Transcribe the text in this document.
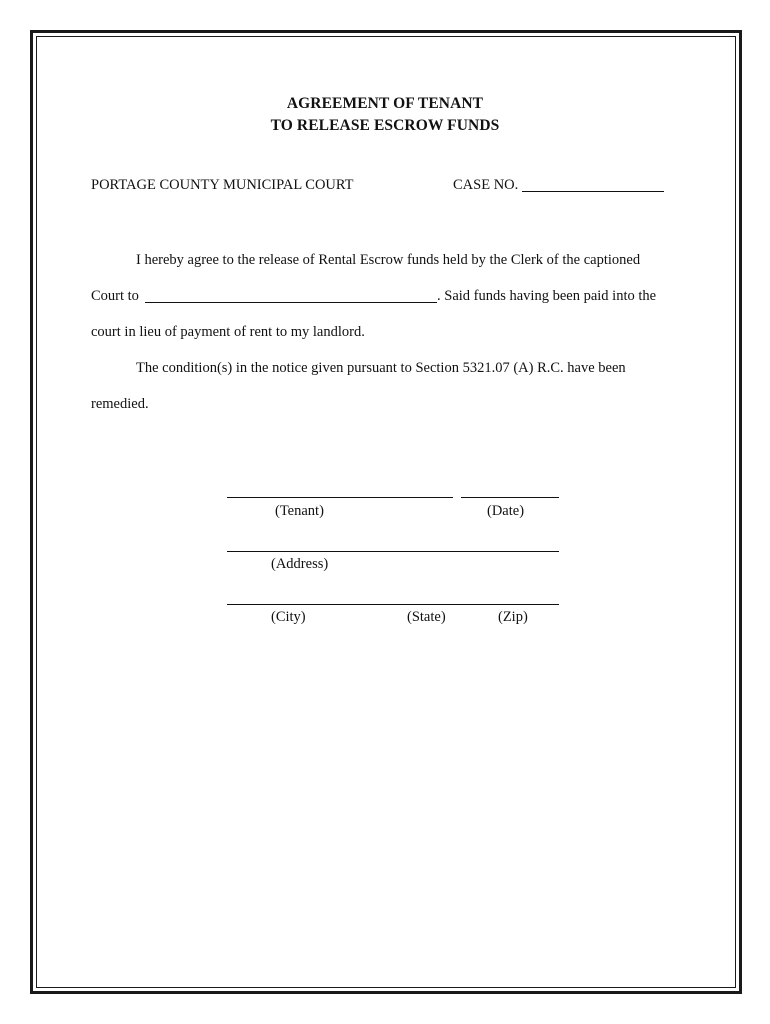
AGREEMENT OF TENANT
TO RELEASE ESCROW FUNDS
PORTAGE COUNTY MUNICIPAL COURT	CASE NO.
I hereby agree to the release of Rental Escrow funds held by the Clerk of the captioned
Court to	. Said funds having been paid into the
court in lieu of payment of rent to my landlord.
The condition(s) in the notice given pursuant to Section 5321.07 (A) R.C. have been
remedied.
(Tenant)	(Date)
(Address)
(City)	(State)	(Zip)
